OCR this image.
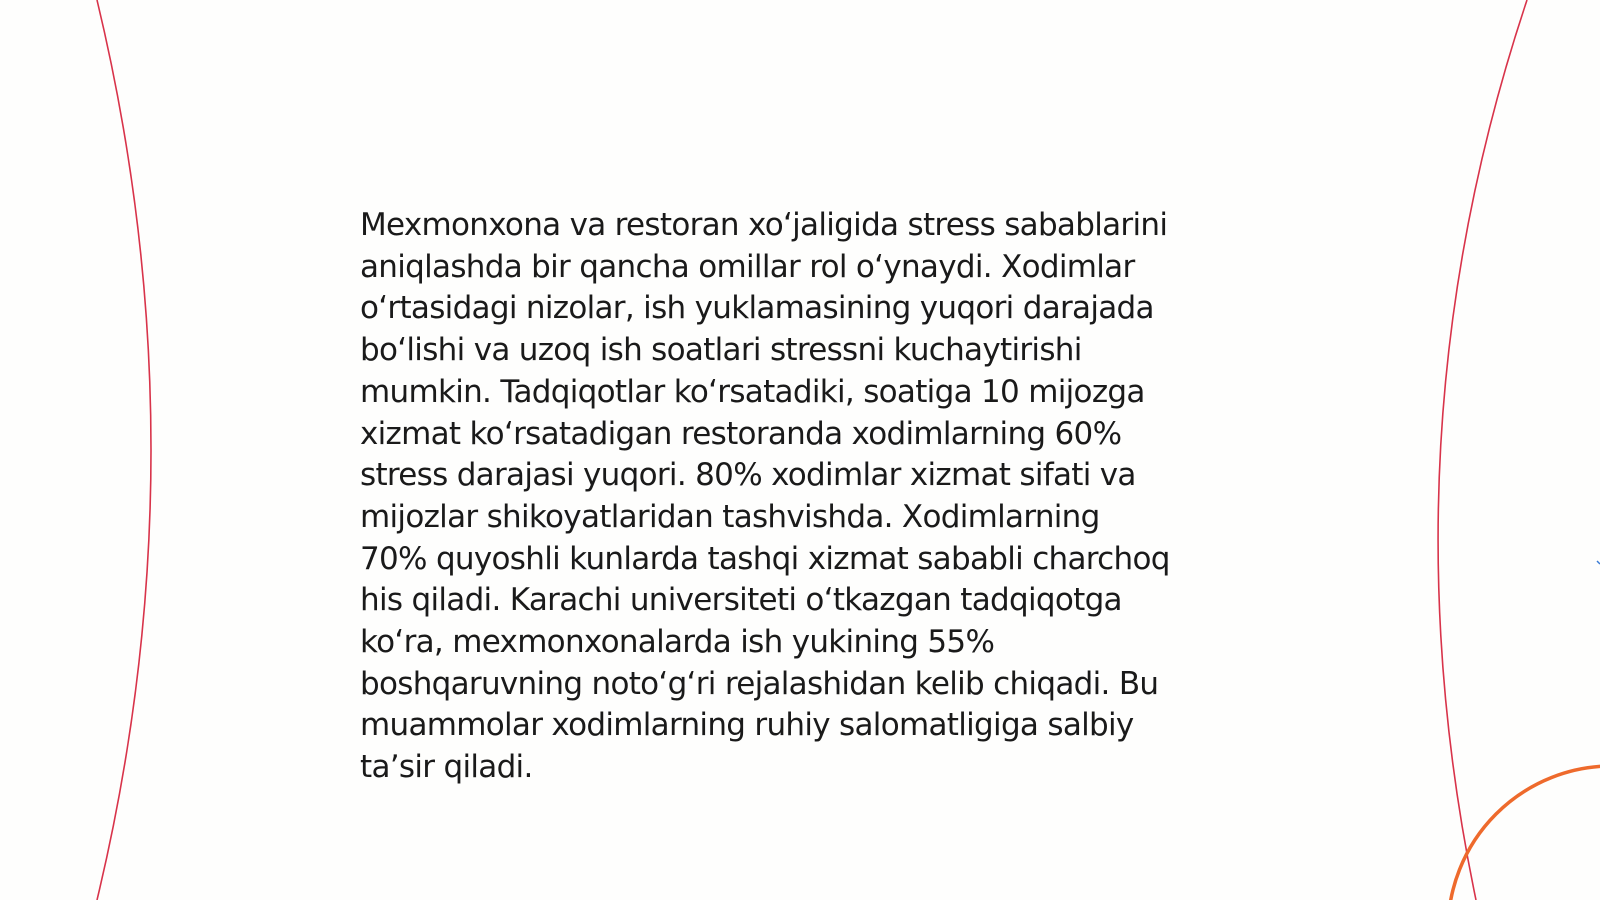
Mexmonxona va restoran xoʻjaligida stress sabablarini
aniqlashda bir qancha omillar rol oʻynaydi. Xodimlar
oʻrtasidagi nizolar, ish yuklamasining yuqori darajada
boʻlishi va uzoq ish soatlari stressni kuchaytirishi
mumkin. Tadqiqotlar koʻrsatadiki, soatiga 10 mijozga
xizmat koʻrsatadigan restoranda xodimlarning 60%
stress darajasi yuqori. 80% xodimlar xizmat sifati va
mijozlar shikoyatlaridan tashvishda. Xodimlarning
70% quyoshli kunlarda tashqi xizmat sababli charchoq
his qiladi. Karachi universiteti oʻtkazgan tadqiqotga
koʻra, mexmonxonalarda ish yukining 55%
boshqaruvning notoʻgʻri rejalashidan kelib chiqadi. Bu
muammolar xodimlarning ruhiy salomatligiga salbiy
taʼsir qiladi.
